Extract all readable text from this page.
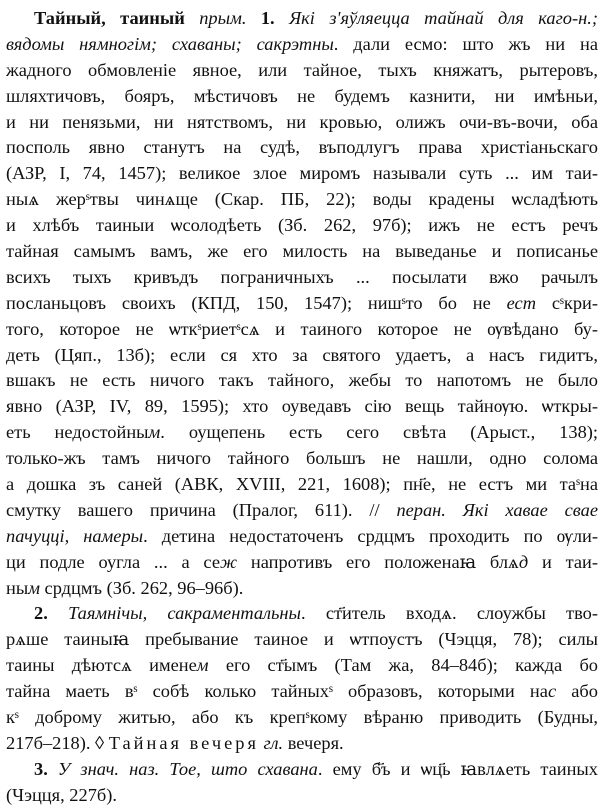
Тайный, таиный прым. 1. Які з'яўляецца тайнай для каго-н.;
вядомы нямногім; схаваны; сакрэтны. дали есмо: што жъ ни на
жадного обмовленіе явное, или тайное, тыхъ княжатъ, рытеровъ,
шляхтичовъ, бояръ, мѣстичовъ не будемъ казнити, ни имѣньи,
и ни пенязьми, ни нятствомъ, ни кровью, олижъ очи-въ-вочи, оба
посполь явно станутъ на судѣ, въподлугъ права христіаньскаго
(АЗР, I, 74, 1457); великое злое миромъ называли суть ... им таи-
ныѧ жерˢтвы чинѧще (Скар. ПБ, 22); воды крадены ѡсладѣють
и хлѣбъ таиныи ѡсолодѣеть (Зб. 262, 97б); ижъ не естъ речъ
тайная самымъ вамъ, же его милость на выведанье и пописанье
всихъ тыхъ кривъдъ пограничныхъ ... посылати вжо рачылъ
посланьцовъ своихъ (КПД, 150, 1547); нишˢто бо не ест сˢкри-
того, которое не ѡткˢриетˢсѧ и таиного которое не ѹвѣдано бу-
деть (Цяп., 13б); если ся хто за святого удаетъ, а насъ гидитъ,
вшакъ не есть ничого такъ тайного, жебы то напотомъ не было
явно (АЗР, IV, 89, 1595); хто оуведавъ сію вещь тайнѹю. ѡткры-
еть недостойным. оущепень есть сего свѣта (Арыст., 138);
только-жъ тамъ ничого тайного большъ не нашли, одно солома
а дошка зъ саней (АВК, XVIII, 221, 1608); пн҃е, не естъ ми таˢна
смутку вашего причина (Пралог, 611). // перан. Які хавае свае
пачуцці, намеры. детина недостаточенъ срдцмъ проходить по ѹли-
ци подле оугла ... а сеж напротивъ его положенаꙗ блѧд и таи-
ным срдцмъ (Зб. 262, 96–96б).
2. Таямнічы, сакраментальны. ст҃итель входѧ. слоужбы тво-
рѧше таиныꙗ пребывание таиное и ѡтпоустъ (Чэцця, 78); силы
таины дѣютсѧ именем его ст҃ымъ (Там жа, 84–84б); кажда бо
тайна маеть вˢ собѣ колько тайныхˢ образовъ, которыми нас або
кˢ доброму житью, або къ крепˢкому вѣраню приводить (Будны,
217б–218). ◊ Тайная вечеря гл. вечеря.
3. У знач. наз. Тое, што схавана. ему б҃ъ и ѡц҃ь ꙗвлѧеть таиных
(Чэцця, 227б).
